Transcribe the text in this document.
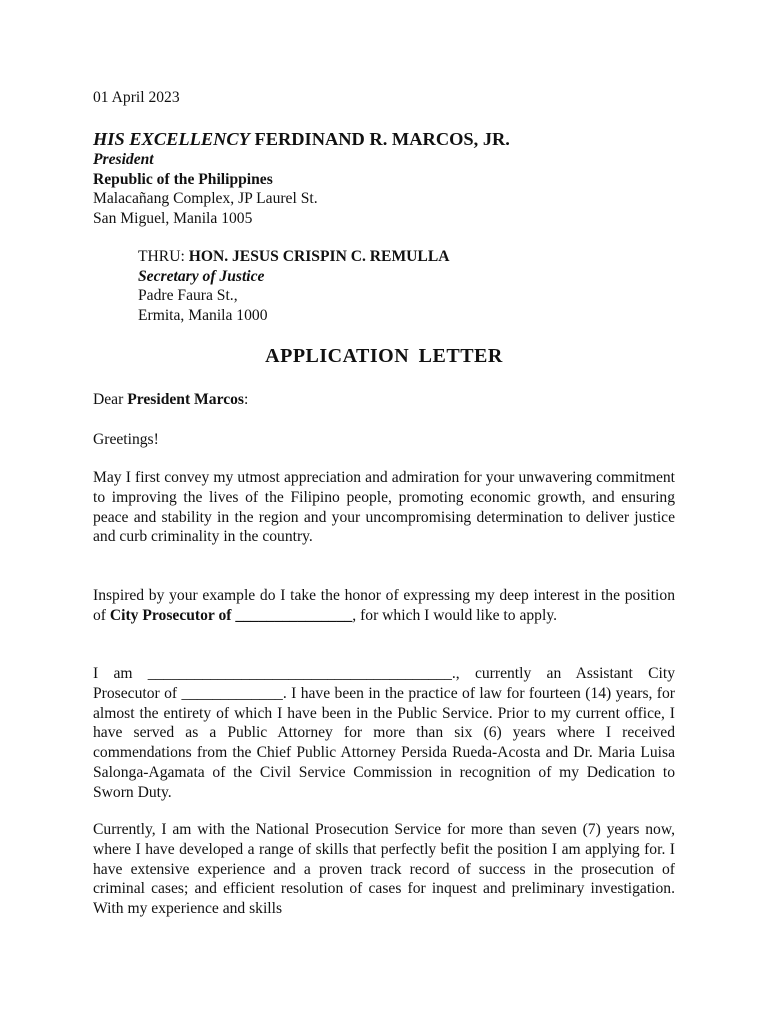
01 April 2023
HIS EXCELLENCY FERDINAND R. MARCOS, JR.
President
Republic of the Philippines
Malacañang Complex, JP Laurel St.
San Miguel, Manila 1005
THRU: HON. JESUS CRISPIN C. REMULLA
Secretary of Justice
Padre Faura St.,
Ermita, Manila 1000
APPLICATION LETTER
Dear President Marcos:
Greetings!
May I first convey my utmost appreciation and admiration for your unwavering commitment to improving the lives of the Filipino people, promoting economic growth, and ensuring peace and stability in the region and your uncompromising determination to deliver justice and curb criminality in the country.
Inspired by your example do I take the honor of expressing my deep interest in the position of City Prosecutor of _______________, for which I would like to apply.
I am _______________________________________., currently an Assistant City Prosecutor of _____________. I have been in the practice of law for fourteen (14) years, for almost the entirety of which I have been in the Public Service. Prior to my current office, I have served as a Public Attorney for more than six (6) years where I received commendations from the Chief Public Attorney Persida Rueda-Acosta and Dr. Maria Luisa Salonga-Agamata of the Civil Service Commission in recognition of my Dedication to Sworn Duty.
Currently, I am with the National Prosecution Service for more than seven (7) years now, where I have developed a range of skills that perfectly befit the position I am applying for. I have extensive experience and a proven track record of success in the prosecution of criminal cases; and efficient resolution of cases for inquest and preliminary investigation. With my experience and skills
